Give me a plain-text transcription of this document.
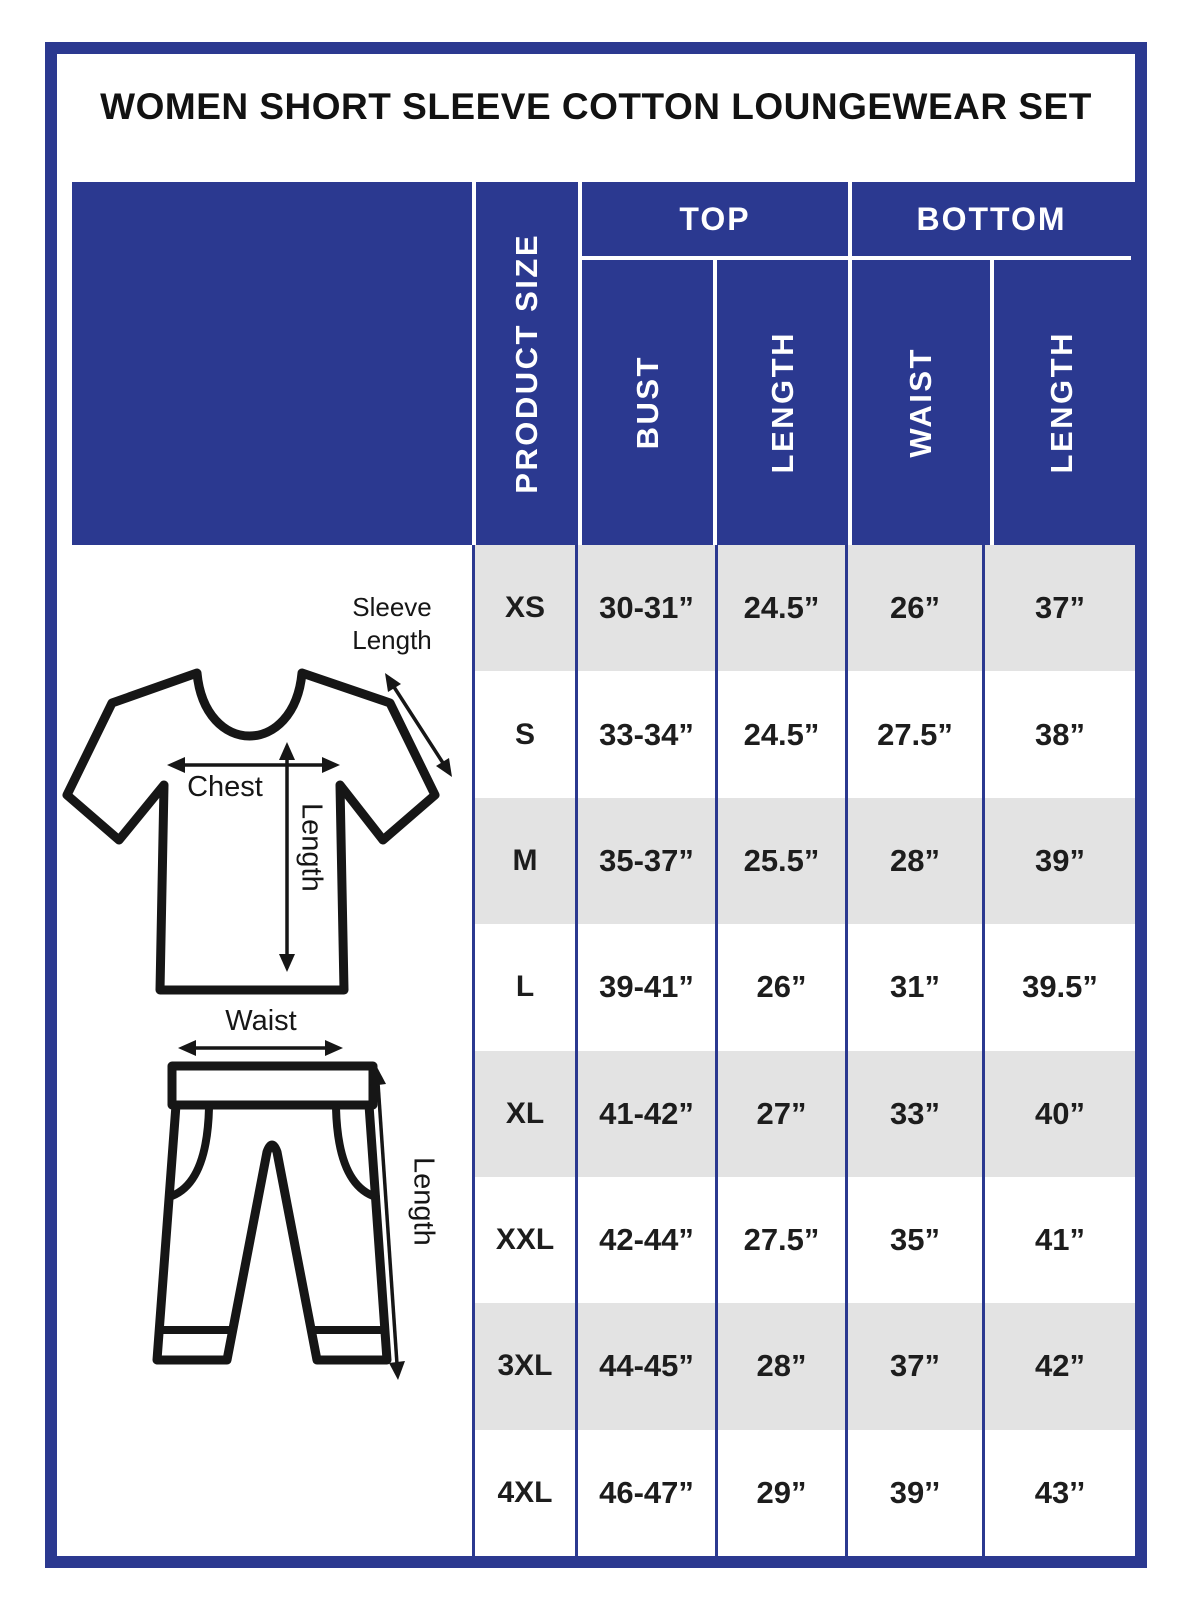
WOMEN SHORT SLEEVE COTTON LOUNGEWEAR SET
PRODUCT SIZE
TOP
BUST	LENGTH
BOTTOM
WAIST	LENGTH
XS	30-31”	24.5”	26”	37”
S	33-34”	24.5”	27.5”	38”
M	35-37”	25.5”	28”	39”
L	39-41”	26”	31”	39.5”
XL	41-42”	27”	33”	40”
XXL	42-44”	27.5”	35”	41”
3XL	44-45”	28”	37”	42”
4XL	46-47”	29”	39’’	43’’
Sleeve Length
Chest
Length
Waist
Length
